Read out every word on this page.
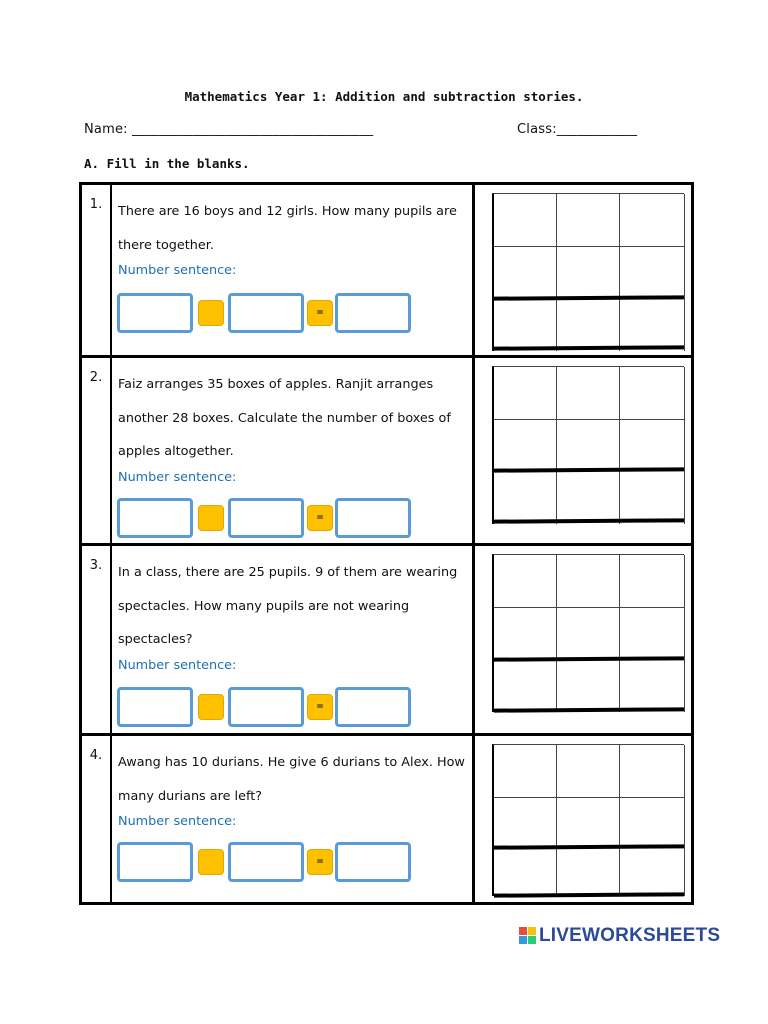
Mathematics Year 1: Addition and subtraction stories.
Name: ____________________________________	Class:____________
A. Fill in the blanks.
1.	There are 16 boys and 12 girls. How many pupils are there together.
Number sentence:
=
2.	Faiz arranges 35 boxes of apples. Ranjit arranges another 28 boxes. Calculate the number of boxes of apples altogether.
Number sentence:
=
3.	In a class, there are 25 pupils. 9 of them are wearing spectacles. How many pupils are not wearing spectacles?
Number sentence:
=
4.	Awang has 10 durians. He give 6 durians to Alex. How many durians are left?
Number sentence:
=
LIVEWORKSHEETS
